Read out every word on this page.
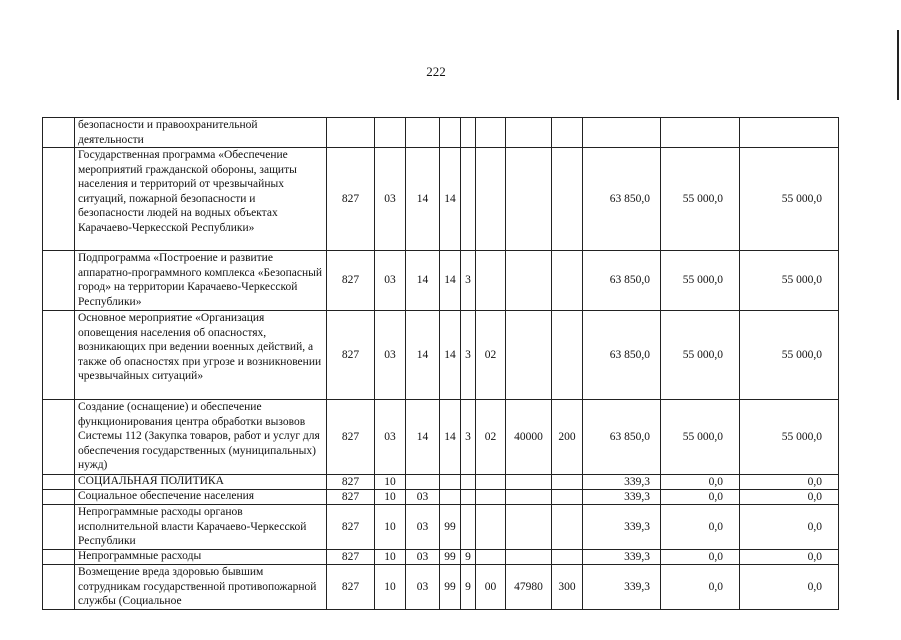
222
	безопасности и правоохранительной деятельности											
	Государственная программа «Обеспечение мероприятий гражданской обороны, защиты населения и территорий от чрезвычайных ситуаций, пожарной безопасности и безопасности людей на водных объектах Карачаево-Черкесской Республики»	827	03	14	14					63 850,0	55 000,0	55 000,0
	Подпрограмма «Построение и развитие аппаратно-программного комплекса «Безопасный город» на территории Карачаево-Черкесской Республики»	827	03	14	14	3				63 850,0	55 000,0	55 000,0
	Основное мероприятие «Организация оповещения населения об опасностях, возникающих при ведении военных действий, а также об опасностях при угрозе и возникновении чрезвычайных ситуаций»	827	03	14	14	3	02			63 850,0	55 000,0	55 000,0
	Создание (оснащение) и обеспечение функционирования центра обработки вызовов Системы 112 (Закупка товаров, работ и услуг для обеспечения государственных (муниципальных) нужд)	827	03	14	14	3	02	40000	200	63 850,0	55 000,0	55 000,0
	СОЦИАЛЬНАЯ ПОЛИТИКА	827	10							339,3	0,0	0,0
	Социальное обеспечение населения	827	10	03						339,3	0,0	0,0
	Непрограммные расходы органов исполнительной власти Карачаево-Черкесской Республики	827	10	03	99					339,3	0,0	0,0
	Непрограммные расходы	827	10	03	99	9				339,3	0,0	0,0
	Возмещение вреда здоровью бывшим сотрудникам государственной противопожарной службы (Социальное	827	10	03	99	9	00	47980	300	339,3	0,0	0,0
